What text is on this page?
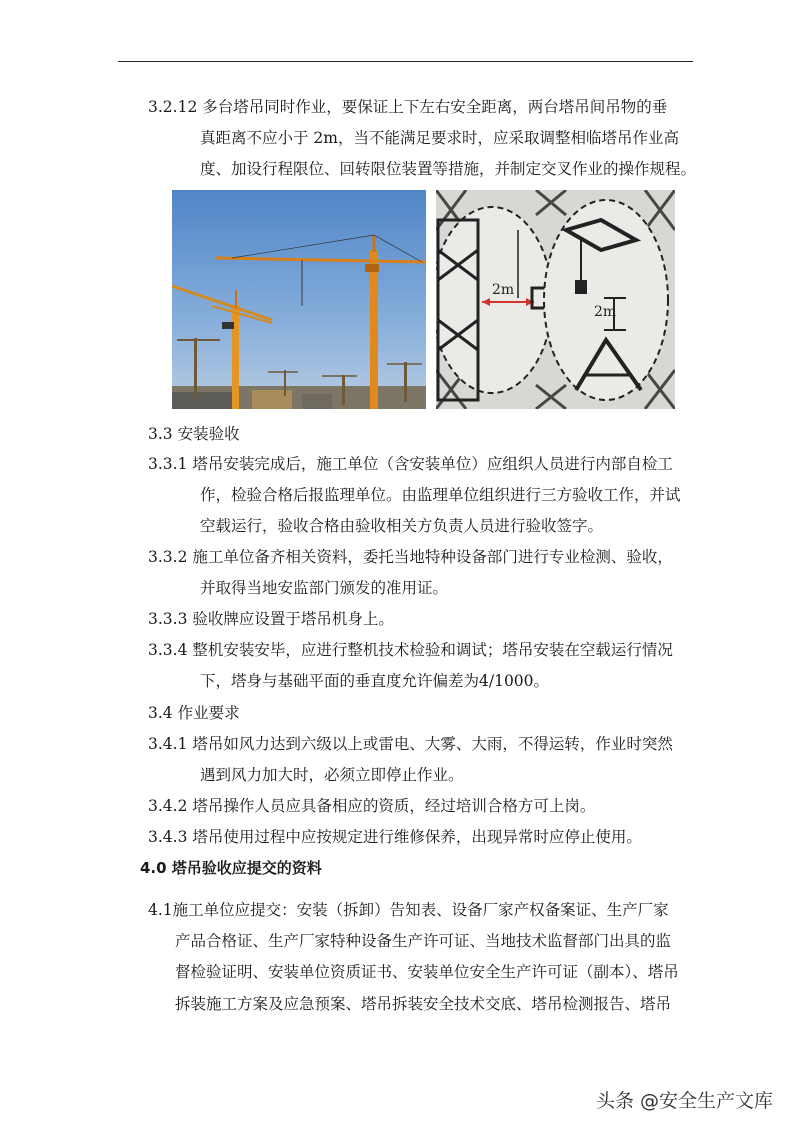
3.2.12 多台塔吊同时作业，要保证上下左右安全距离，两台塔吊间吊物的垂
真距离不应小于 2m，当不能满足要求时，应采取调整相临塔吊作业高
度、加设行程限位、回转限位装置等措施，并制定交叉作业的操作规程。
2m
2m
3.3 安装验收
3.3.1 塔吊安装完成后，施工单位（含安装单位）应组织人员进行内部自检工
作，检验合格后报监理单位。由监理单位组织进行三方验收工作，并试
空载运行，验收合格由验收相关方负责人员进行验收签字。
3.3.2 施工单位备齐相关资料，委托当地特种设备部门进行专业检测、验收，
并取得当地安监部门颁发的准用证。
3.3.3 验收牌应设置于塔吊机身上。
3.3.4 整机安装安毕，应进行整机技术检验和调试；塔吊安装在空载运行情况
下，塔身与基础平面的垂直度允许偏差为4/1000。
3.4 作业要求
3.4.1 塔吊如风力达到六级以上或雷电、大雾、大雨，不得运转，作业时突然
遇到风力加大时，必须立即停止作业。
3.4.2 塔吊操作人员应具备相应的资质，经过培训合格方可上岗。
3.4.3 塔吊使用过程中应按规定进行维修保养，出现异常时应停止使用。
4.0 塔吊验收应提交的资料
4.1施工单位应提交：安装（拆卸）告知表、设备厂家产权备案证、生产厂家
产品合格证、生产厂家特种设备生产许可证、当地技术监督部门出具的监
督检验证明、安装单位资质证书、安装单位安全生产许可证（副本）、塔吊
拆装施工方案及应急预案、塔吊拆装安全技术交底、塔吊检测报告、塔吊
头条 @安全生产文库
